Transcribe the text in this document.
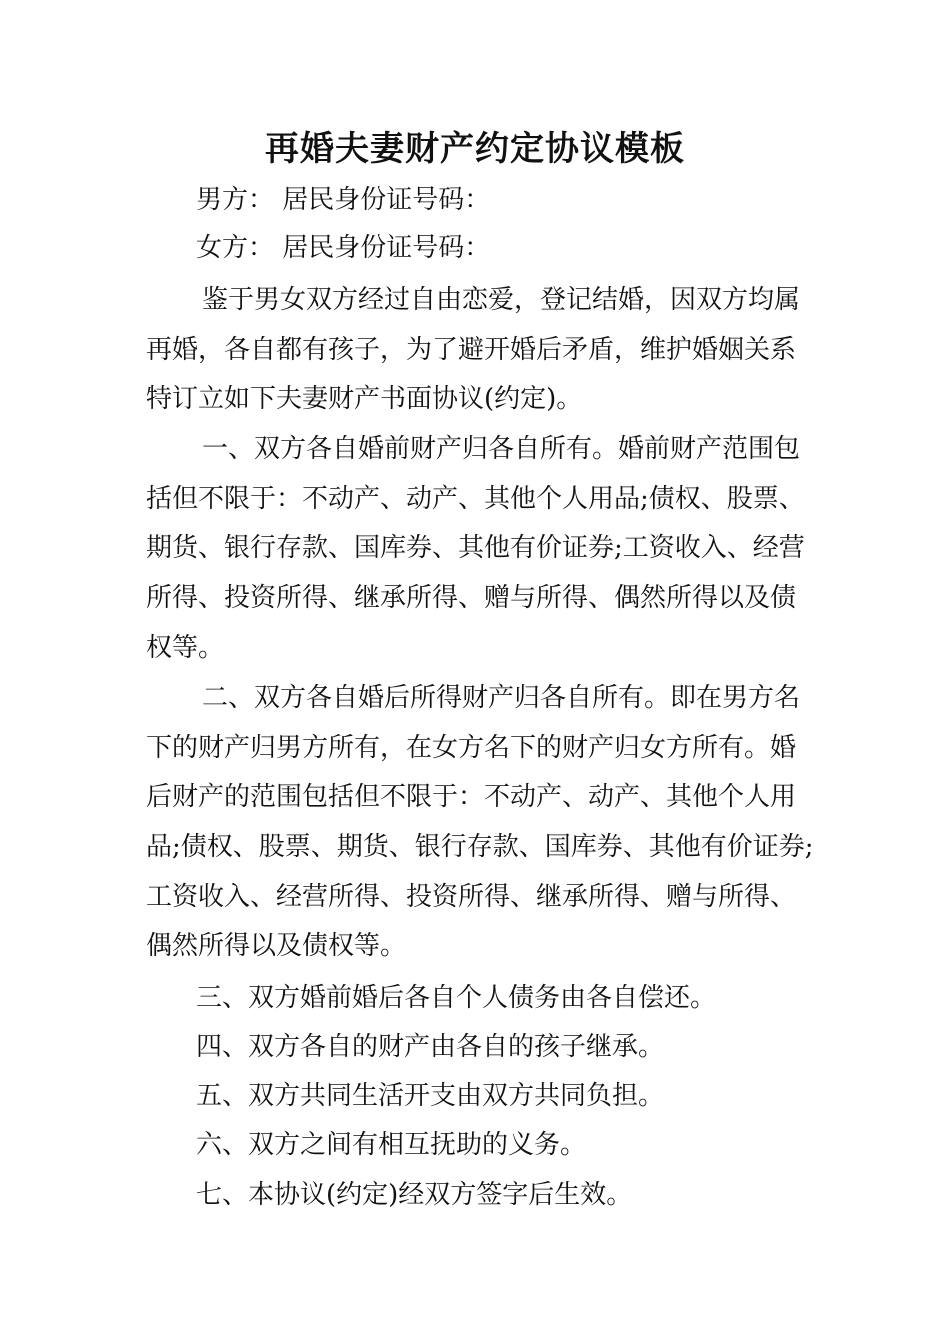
再婚夫妻财产约定协议模板
男方： 居民身份证号码：
女方： 居民身份证号码：
鉴于男女双方经过自由恋爱，登记结婚，因双方均属
再婚，各自都有孩子，为了避开婚后矛盾，维护婚姻关系
特订立如下夫妻财产书面协议(约定)。
一、双方各自婚前财产归各自所有。婚前财产范围包
括但不限于：不动产、动产、其他个人用品;债权、股票、
期货、银行存款、国库券、其他有价证券;工资收入、经营
所得、投资所得、继承所得、赠与所得、偶然所得以及债
权等。
二、双方各自婚后所得财产归各自所有。即在男方名
下的财产归男方所有，在女方名下的财产归女方所有。婚
后财产的范围包括但不限于：不动产、动产、其他个人用
品;债权、股票、期货、银行存款、国库券、其他有价证券;
工资收入、经营所得、投资所得、继承所得、赠与所得、
偶然所得以及债权等。
三、双方婚前婚后各自个人债务由各自偿还。
四、双方各自的财产由各自的孩子继承。
五、双方共同生活开支由双方共同负担。
六、双方之间有相互抚助的义务。
七、本协议(约定)经双方签字后生效。
